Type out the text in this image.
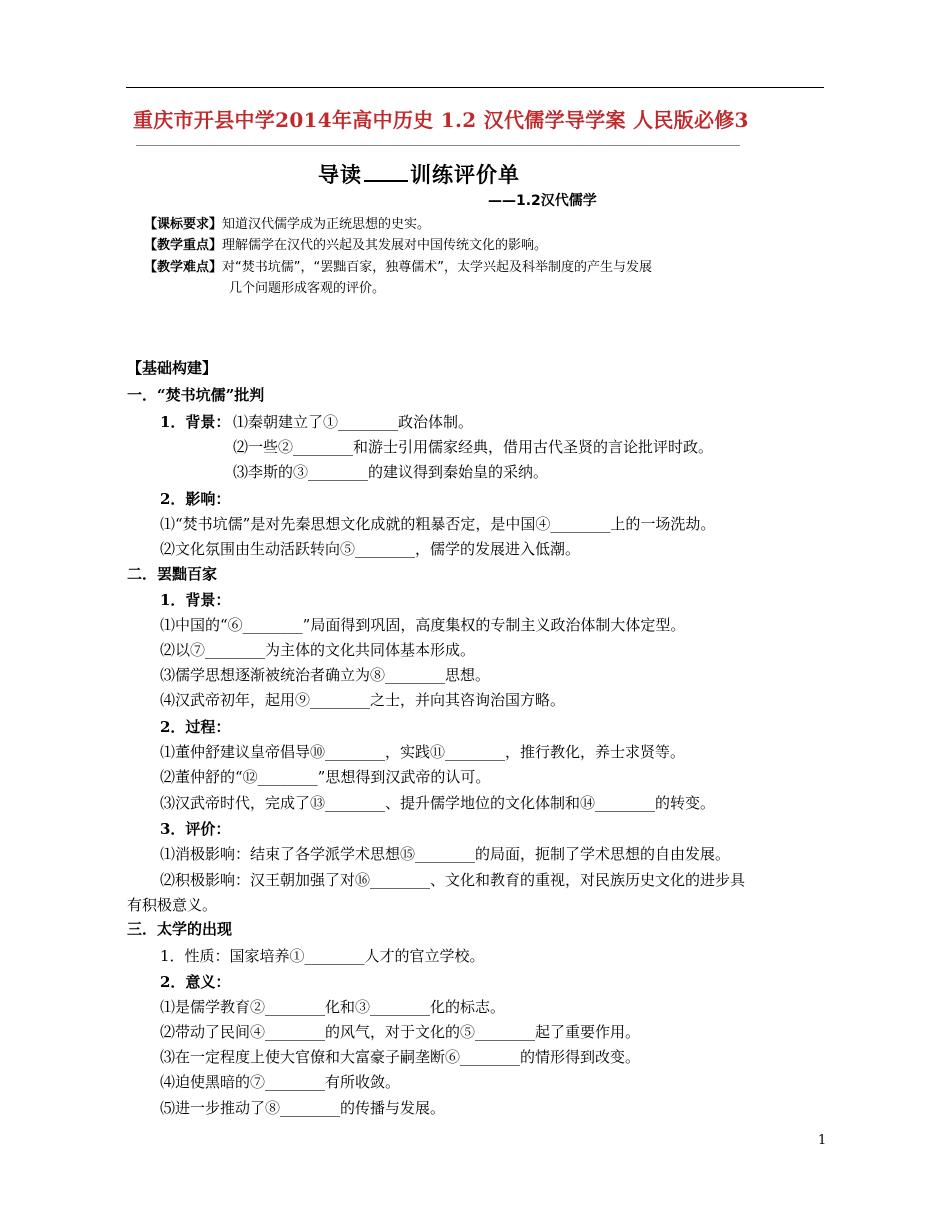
重庆市开县中学2014年高中历史 1.2 汉代儒学导学案 人民版必修3
导读 训练评价单
——1.2汉代儒学
【课标要求】知道汉代儒学成为正统思想的史实。
【教学重点】理解儒学在汉代的兴起及其发展对中国传统文化的影响。
【教学难点】对“焚书坑儒”，“罢黜百家，独尊儒术”，太学兴起及科举制度的产生与发展
几个问题形成客观的评价。
【基础构建】
一．“焚书坑儒”批判
1．背景： ⑴秦朝建立了①________政治体制。
⑵一些②________和游士引用儒家经典，借用古代圣贤的言论批评时政。
⑶李斯的③________的建议得到秦始皇的采纳。
2．影响：
⑴“焚书坑儒”是对先秦思想文化成就的粗暴否定，是中国④________上的一场洗劫。
⑵文化氛围由生动活跃转向⑤________，儒学的发展进入低潮。
二．罢黜百家
1．背景：
⑴中国的“⑥________”局面得到巩固，高度集权的专制主义政治体制大体定型。
⑵以⑦________为主体的文化共同体基本形成。
⑶儒学思想逐渐被统治者确立为⑧________思想。
⑷汉武帝初年，起用⑨________之士，并向其咨询治国方略。
2．过程：
⑴董仲舒建议皇帝倡导⑩________，实践⑪________，推行教化，养士求贤等。
⑵董仲舒的“⑫________”思想得到汉武帝的认可。
⑶汉武帝时代，完成了⑬________、提升儒学地位的文化体制和⑭________的转变。
3．评价：
⑴消极影响：结束了各学派学术思想⑮________的局面，扼制了学术思想的自由发展。
⑵积极影响：汉王朝加强了对⑯________、文化和教育的重视，对民族历史文化的进步具
有积极意义。
三．太学的出现
1．性质：国家培养①________人才的官立学校。
2．意义：
⑴是儒学教育②________化和③________化的标志。
⑵带动了民间④________的风气，对于文化的⑤________起了重要作用。
⑶在一定程度上使大官僚和大富豪子嗣垄断⑥________的情形得到改变。
⑷迫使黑暗的⑦________有所收敛。
⑸进一步推动了⑧________的传播与发展。
1
